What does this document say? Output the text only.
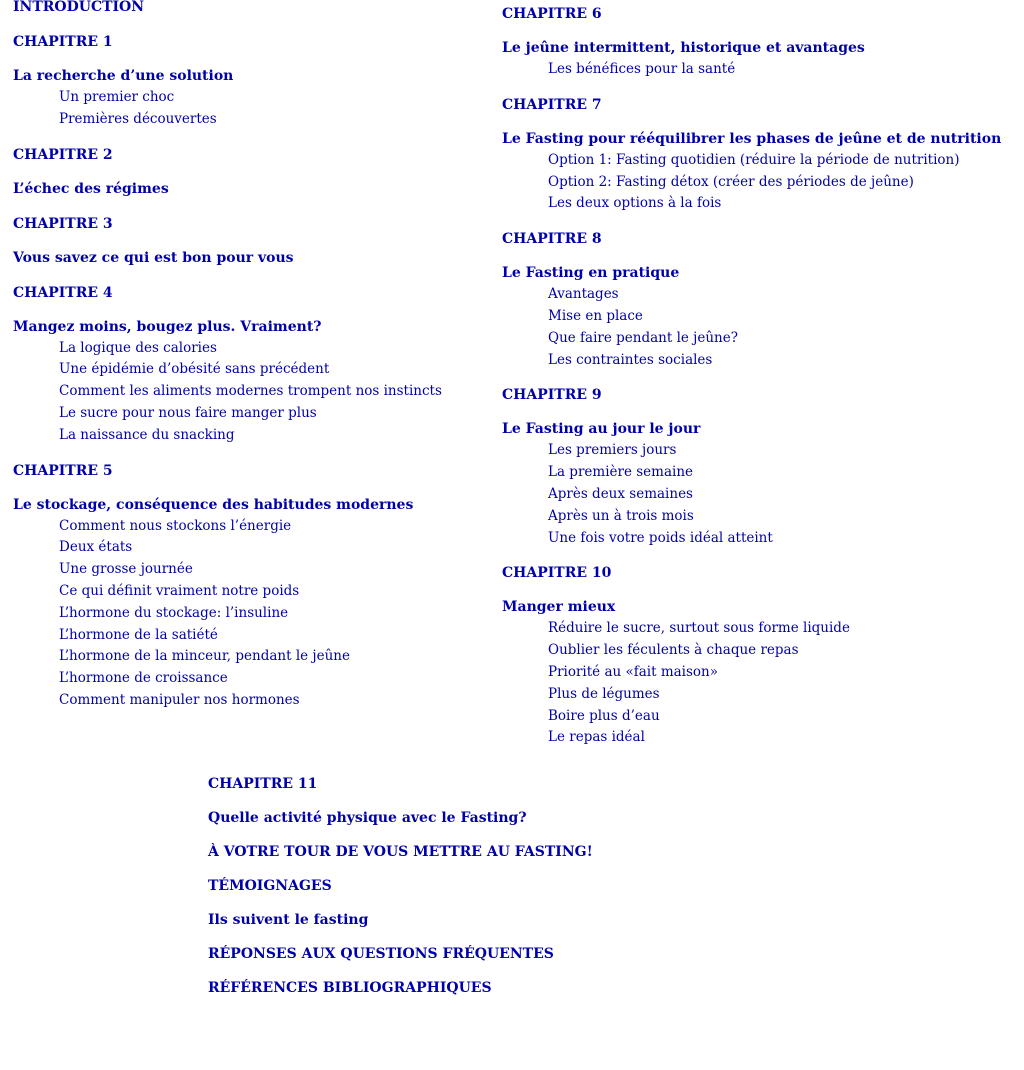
INTRODUCTION
CHAPITRE 1
La recherche d’une solution
Un premier choc
Premières découvertes
CHAPITRE 2
L’échec des régimes
CHAPITRE 3
Vous savez ce qui est bon pour vous
CHAPITRE 4
Mangez moins, bougez plus. Vraiment?
La logique des calories
Une épidémie d’obésité sans précédent
Comment les aliments modernes trompent nos instincts
Le sucre pour nous faire manger plus
La naissance du snacking
CHAPITRE 5
Le stockage, conséquence des habitudes modernes
Comment nous stockons l’énergie
Deux états
Une grosse journée
Ce qui définit vraiment notre poids
L’hormone du stockage: l’insuline
L’hormone de la satiété
L’hormone de la minceur, pendant le jeûne
L’hormone de croissance
Comment manipuler nos hormones
CHAPITRE 6
Le jeûne intermittent, historique et avantages
Les bénéfices pour la santé
CHAPITRE 7
Le Fasting pour rééquilibrer les phases de jeûne et de nutrition
Option 1: Fasting quotidien (réduire la période de nutrition)
Option 2: Fasting détox (créer des périodes de jeûne)
Les deux options à la fois
CHAPITRE 8
Le Fasting en pratique
Avantages
Mise en place
Que faire pendant le jeûne?
Les contraintes sociales
CHAPITRE 9
Le Fasting au jour le jour
Les premiers jours
La première semaine
Après deux semaines
Après un à trois mois
Une fois votre poids idéal atteint
CHAPITRE 10
Manger mieux
Réduire le sucre, surtout sous forme liquide
Oublier les féculents à chaque repas
Priorité au «fait maison»
Plus de légumes
Boire plus d’eau
Le repas idéal
CHAPITRE 11
Quelle activité physique avec le Fasting?
À VOTRE TOUR DE VOUS METTRE AU FASTING!
TÉMOIGNAGES
Ils suivent le fasting
RÉPONSES AUX QUESTIONS FRÉQUENTES
RÉFÉRENCES BIBLIOGRAPHIQUES
